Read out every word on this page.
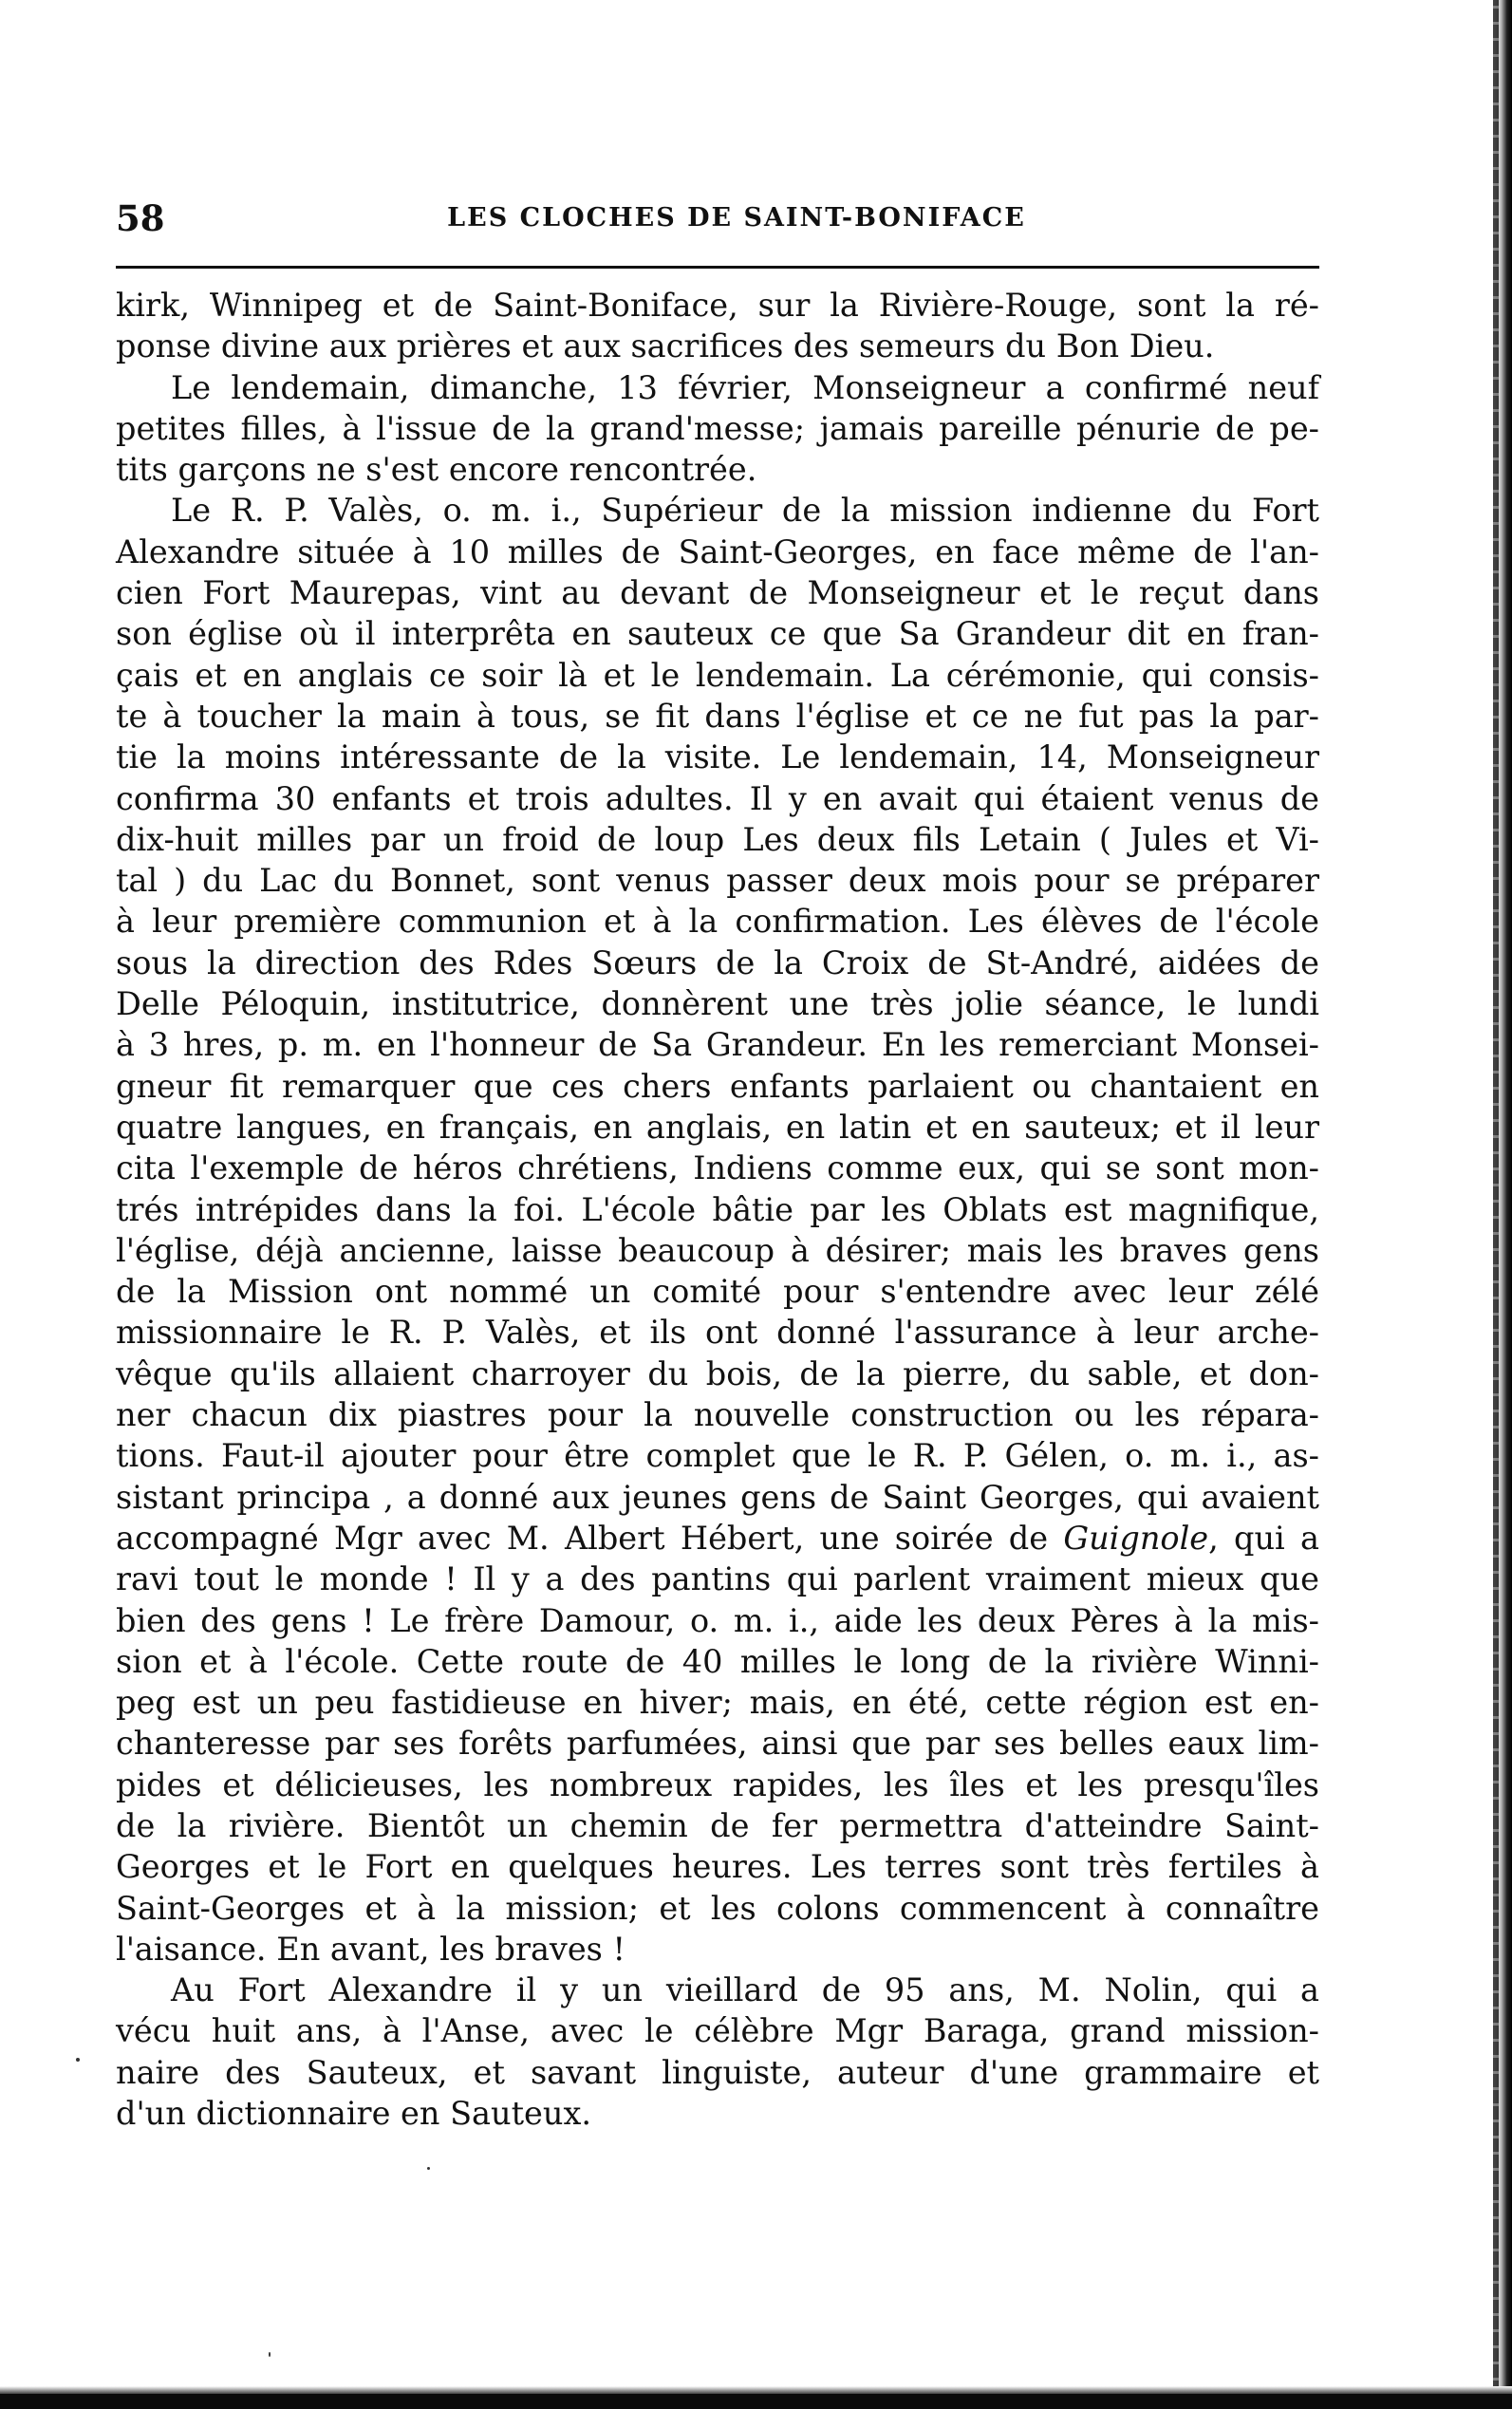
58	LES CLOCHES DE SAINT-BONIFACE
kirk, Winnipeg et de Saint-Boniface, sur la Rivière-Rouge, sont la ré-
ponse divine aux prières et aux sacrifices des semeurs du Bon Dieu.
Le lendemain, dimanche, 13 février, Monseigneur a confirmé neuf
petites filles, à l'issue de la grand'messe; jamais pareille pénurie de pe-
tits garçons ne s'est encore rencontrée.
Le R. P. Valès, o. m. i., Supérieur de la mission indienne du Fort
Alexandre située à 10 milles de Saint-Georges, en face même de l'an-
cien Fort Maurepas, vint au devant de Monseigneur et le reçut dans
son église où il interprêta en sauteux ce que Sa Grandeur dit en fran-
çais et en anglais ce soir là et le lendemain. La cérémonie, qui consis-
te à toucher la main à tous, se fit dans l'église et ce ne fut pas la par-
tie la moins intéressante de la visite. Le lendemain, 14, Monseigneur
confirma 30 enfants et trois adultes. Il y en avait qui étaient venus de
dix-huit milles par un froid de loup Les deux fils Letain ( Jules et Vi-
tal ) du Lac du Bonnet, sont venus passer deux mois pour se préparer
à leur première communion et à la confirmation. Les élèves de l'école
sous la direction des Rdes Sœurs de la Croix de St-André, aidées de
Delle Péloquin, institutrice, donnèrent une très jolie séance, le lundi
à 3 hres, p. m. en l'honneur de Sa Grandeur. En les remerciant Monsei-
gneur fit remarquer que ces chers enfants parlaient ou chantaient en
quatre langues, en français, en anglais, en latin et en sauteux; et il leur
cita l'exemple de héros chrétiens, Indiens comme eux, qui se sont mon-
trés intrépides dans la foi. L'école bâtie par les Oblats est magnifique,
l'église, déjà ancienne, laisse beaucoup à désirer; mais les braves gens
de la Mission ont nommé un comité pour s'entendre avec leur zélé
missionnaire le R. P. Valès, et ils ont donné l'assurance à leur arche-
vêque qu'ils allaient charroyer du bois, de la pierre, du sable, et don-
ner chacun dix piastres pour la nouvelle construction ou les répara-
tions. Faut-il ajouter pour être complet que le R. P. Gélen, o. m. i., as-
sistant principa , a donné aux jeunes gens de Saint Georges, qui avaient
accompagné Mgr avec M. Albert Hébert, une soirée de Guignole, qui a
ravi tout le monde ! Il y a des pantins qui parlent vraiment mieux que
bien des gens ! Le frère Damour, o. m. i., aide les deux Pères à la mis-
sion et à l'école. Cette route de 40 milles le long de la rivière Winni-
peg est un peu fastidieuse en hiver; mais, en été, cette région est en-
chanteresse par ses forêts parfumées, ainsi que par ses belles eaux lim-
pides et délicieuses, les nombreux rapides, les îles et les presqu'îles
de la rivière. Bientôt un chemin de fer permettra d'atteindre Saint-
Georges et le Fort en quelques heures. Les terres sont très fertiles à
Saint-Georges et à la mission; et les colons commencent à connaître
l'aisance. En avant, les braves !
Au Fort Alexandre il y un vieillard de 95 ans, M. Nolin, qui a
vécu huit ans, à l'Anse, avec le célèbre Mgr Baraga, grand mission-
naire des Sauteux, et savant linguiste, auteur d'une grammaire et
d'un dictionnaire en Sauteux.
